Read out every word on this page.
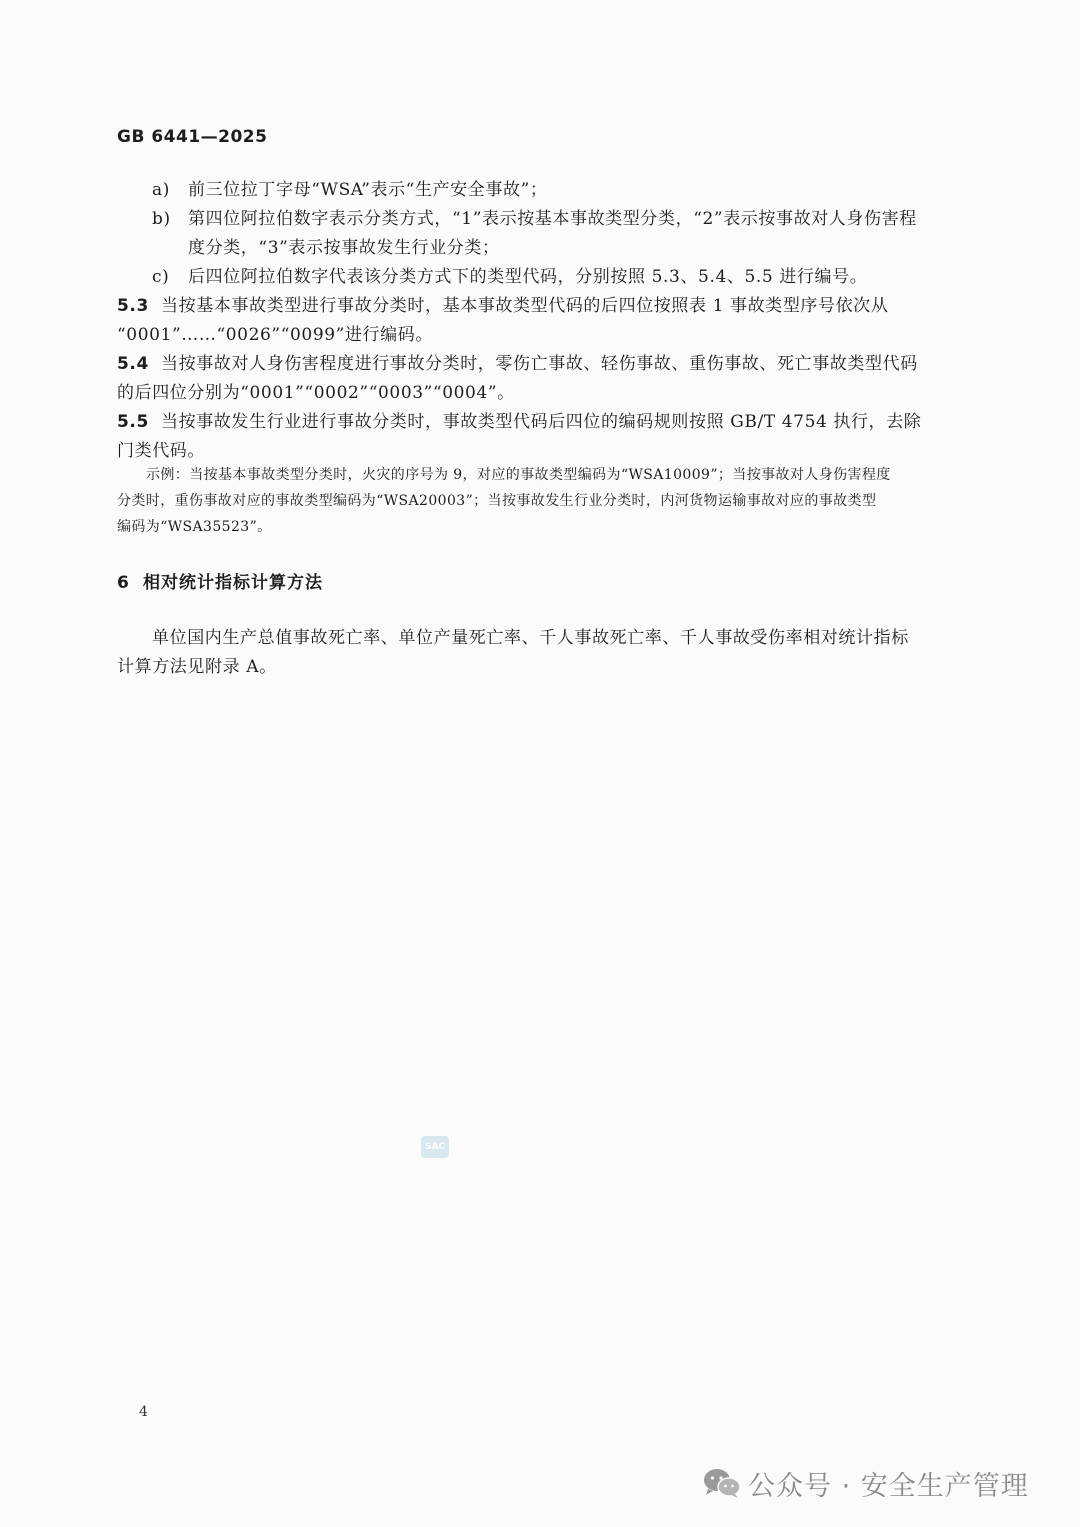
GB 6441—2025
a) 前三位拉丁字母“WSA”表示“生产安全事故”；
b) 第四位阿拉伯数字表示分类方式，“1”表示按基本事故类型分类，“2”表示按事故对人身伤害程
度分类，“3”表示按事故发生行业分类；
c) 后四位阿拉伯数字代表该分类方式下的类型代码，分别按照 5.3、5.4、5.5 进行编号。
5.3 当按基本事故类型进行事故分类时，基本事故类型代码的后四位按照表 1 事故类型序号依次从
“0001”……“0026”“0099”进行编码。
5.4 当按事故对人身伤害程度进行事故分类时，零伤亡事故、轻伤事故、重伤事故、死亡事故类型代码
的后四位分别为“0001”“0002”“0003”“0004”。
5.5 当按事故发生行业进行事故分类时，事故类型代码后四位的编码规则按照 GB/T 4754 执行，去除
门类代码。
示例：当按基本事故类型分类时，火灾的序号为 9，对应的事故类型编码为“WSA10009”；当按事故对人身伤害程度
分类时，重伤事故对应的事故类型编码为“WSA20003”；当按事故发生行业分类时，内河货物运输事故对应的事故类型
编码为“WSA35523”。
6 相对统计指标计算方法
单位国内生产总值事故死亡率、单位产量死亡率、千人事故死亡率、千人事故受伤率相对统计指标
计算方法见附录 A。
SAC
4
公众号 · 安全生产管理
